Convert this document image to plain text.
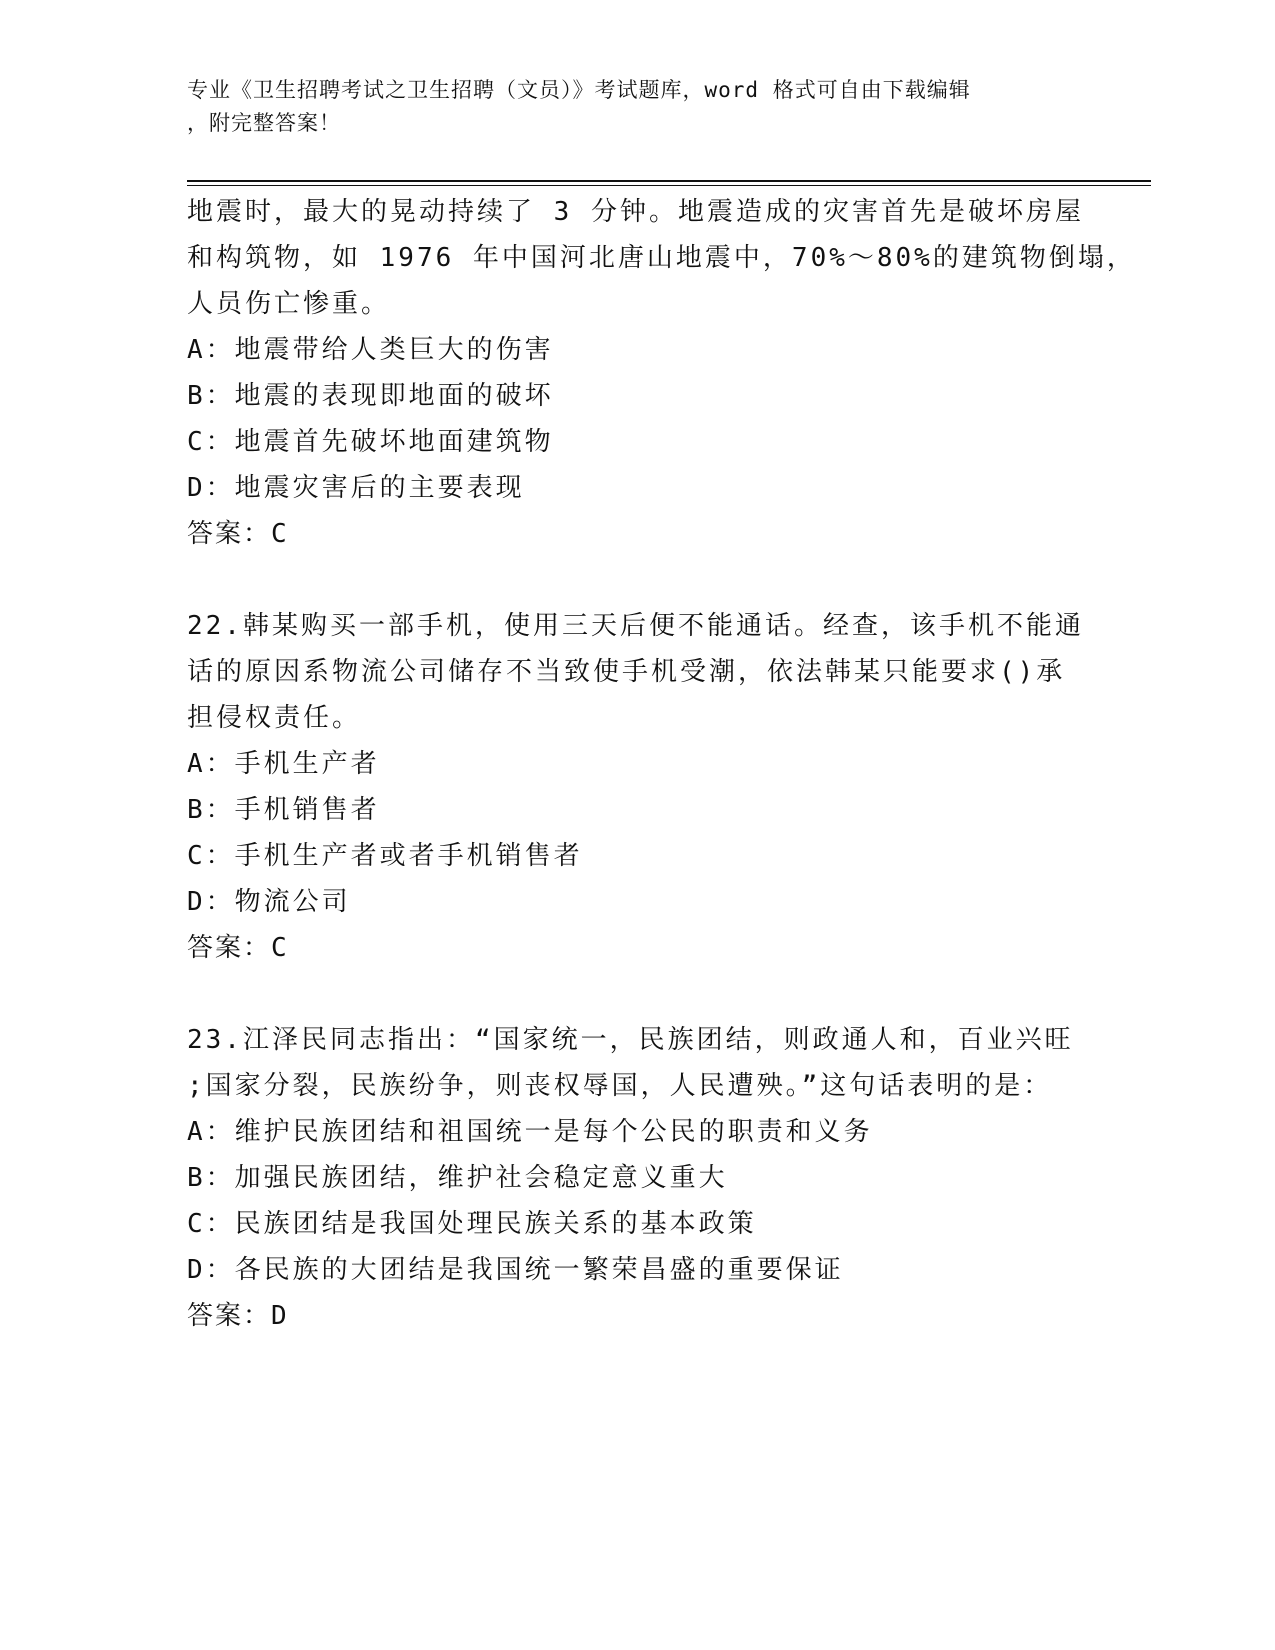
专业《卫生招聘考试之卫生招聘（文员）》考试题库，word 格式可自由下载编辑
，附完整答案！
地震时，最大的晃动持续了 3 分钟。地震造成的灾害首先是破坏房屋
和构筑物，如 1976 年中国河北唐山地震中，70%～80%的建筑物倒塌，
人员伤亡惨重。
A：地震带给人类巨大的伤害
B：地震的表现即地面的破坏
C：地震首先破坏地面建筑物
D：地震灾害后的主要表现
答案：C
22.韩某购买一部手机，使用三天后便不能通话。经查，该手机不能通
话的原因系物流公司储存不当致使手机受潮，依法韩某只能要求()承
担侵权责任。
A：手机生产者
B：手机销售者
C：手机生产者或者手机销售者
D：物流公司
答案：C
23.江泽民同志指出：“国家统一，民族团结，则政通人和，百业兴旺
;国家分裂，民族纷争，则丧权辱国，人民遭殃。”这句话表明的是：
A：维护民族团结和祖国统一是每个公民的职责和义务
B：加强民族团结，维护社会稳定意义重大
C：民族团结是我国处理民族关系的基本政策
D：各民族的大团结是我国统一繁荣昌盛的重要保证
答案：D
